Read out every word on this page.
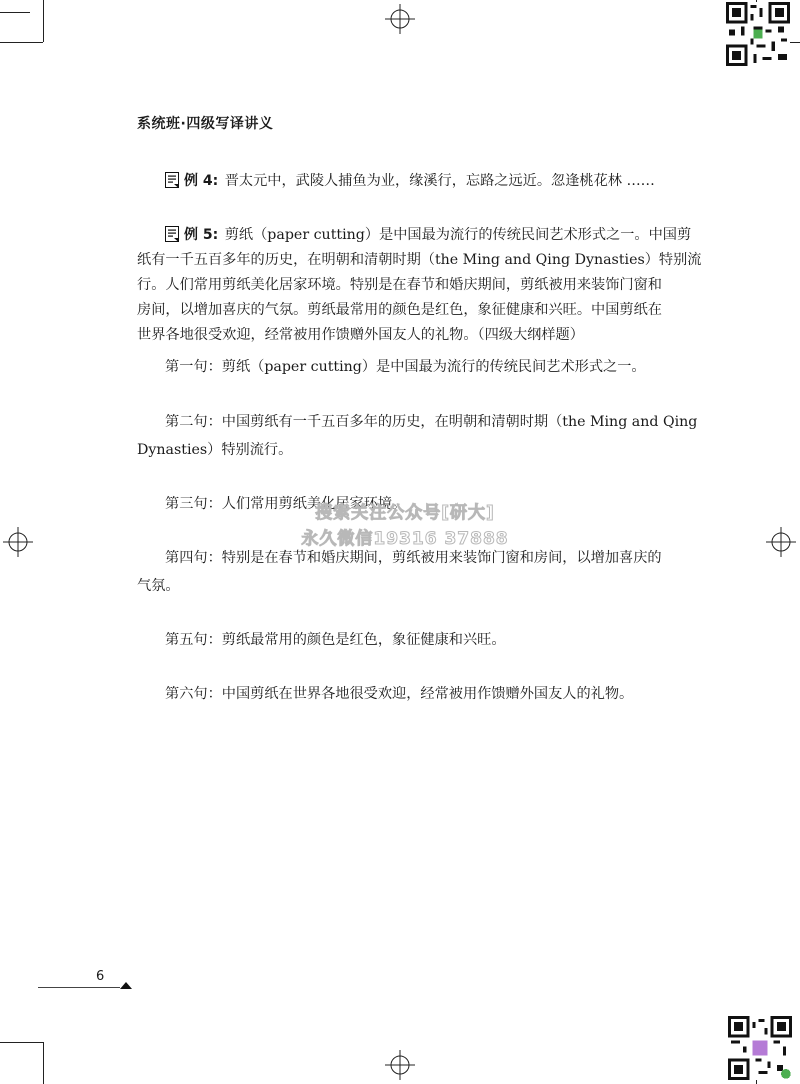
系统班·四级写译讲义
例 4: 晋太元中，武陵人捕鱼为业，缘溪行，忘路之远近。忽逢桃花林 ……
例 5: 剪纸（paper cutting）是中国最为流行的传统民间艺术形式之一。中国剪
纸有一千五百多年的历史，在明朝和清朝时期（the Ming and Qing Dynasties）特别流
行。人们常用剪纸美化居家环境。特别是在春节和婚庆期间，剪纸被用来装饰门窗和
房间，以增加喜庆的气氛。剪纸最常用的颜色是红色，象征健康和兴旺。中国剪纸在
世界各地很受欢迎，经常被用作馈赠外国友人的礼物。（四级大纲样题）
第一句：剪纸（paper cutting）是中国最为流行的传统民间艺术形式之一。
第二句：中国剪纸有一千五百多年的历史，在明朝和清朝时期（the Ming and Qing
Dynasties）特别流行。
第三句：人们常用剪纸美化居家环境。
第四句：特别是在春节和婚庆期间，剪纸被用来装饰门窗和房间，以增加喜庆的
气氛。
第五句：剪纸最常用的颜色是红色，象征健康和兴旺。
第六句：中国剪纸在世界各地很受欢迎，经常被用作馈赠外国友人的礼物。
搜索关注公众号[研大]
永久微信19316 37888
6
